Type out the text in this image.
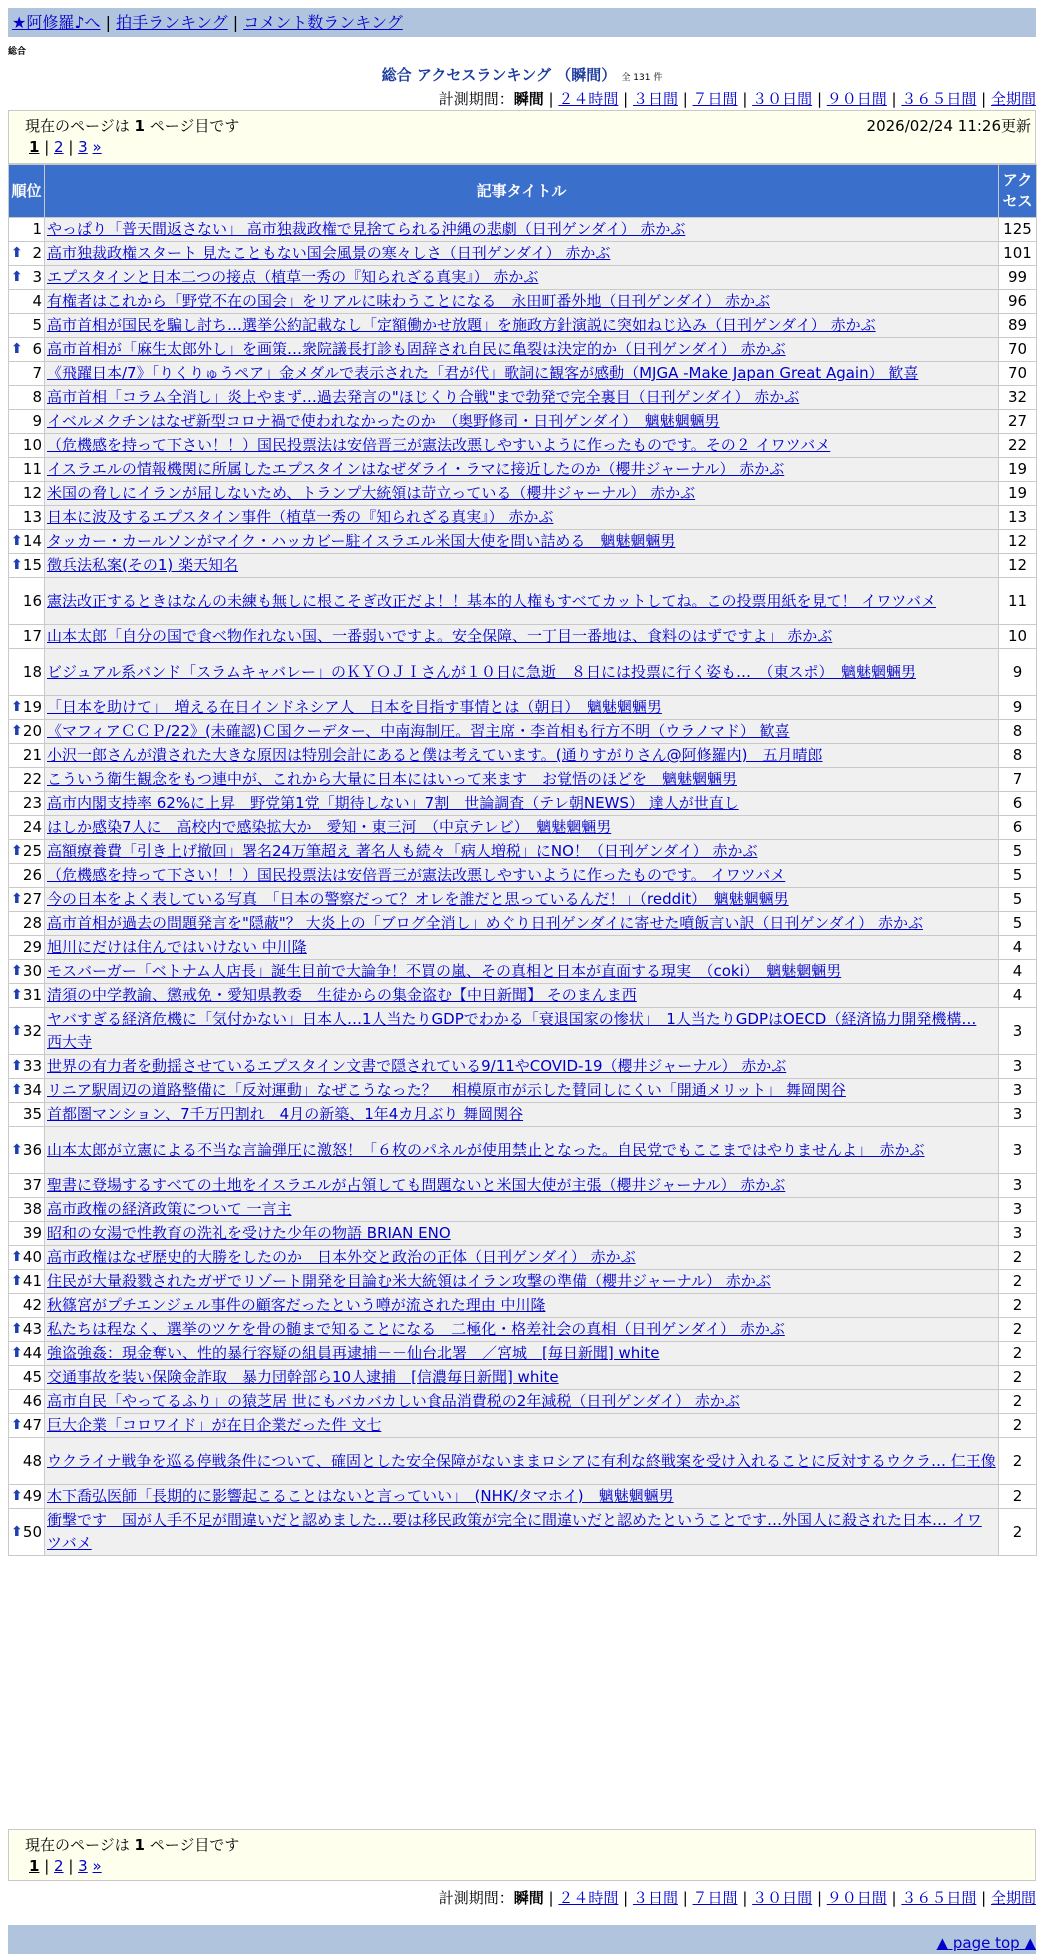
★阿修羅♪へ | 拍手ランキング | コメント数ランキング
総合
総合 アクセスランキング （瞬間） 全 131 件
計測期間：瞬間 | ２４時間 | ３日間 | ７日間 | ３０日間 | ９０日間 | ３６５日間 | 全期間
現在のページは 1 ページ目です	2026/02/24 11:26更新
1 | 2 | 3 »
順位	記事タイトル	アクセス
1	やっぱり「普天間返さない」 高市独裁政権で見捨てられる沖縄の悲劇（日刊ゲンダイ） 赤かぶ	125

⬆ 2	高市独裁政権スタート 見たこともない国会風景の寒々しさ（日刊ゲンダイ） 赤かぶ	101

⬆ 3	エプスタインと日本二つの接点（植草一秀の『知られざる真実』） 赤かぶ	99
4	有権者はこれから「野党不在の国会」をリアルに味わうことになる　永田町番外地（日刊ゲンダイ） 赤かぶ	96
5	高市首相が国民を騙し討ち…選挙公約記載なし「定額働かせ放題」を施政方針演説に突如ねじ込み（日刊ゲンダイ） 赤かぶ	89

⬆ 6	高市首相が「麻生太郎外し」を画策…衆院議長打診も固辞され自民に亀裂は決定的か（日刊ゲンダイ） 赤かぶ	70
7	《飛躍日本/7》「りくりゅうペア」金メダルで表示された「君が代」歌詞に観客が感動（MJGA -Make Japan Great Again） 歓喜	70
8	高市首相「コラム全消し」炎上やまず…過去発言の"ほじくり合戦"まで勃発で完全裏目（日刊ゲンダイ） 赤かぶ	32
9	イベルメクチンはなぜ新型コロナ禍で使われなかったのか　（奥野修司・日刊ゲンダイ）　魑魅魍魎男	27
10	（危機感を持って下さい！！）国民投票法は安倍晋三が憲法改悪しやすいように作ったものです。その２ イワツバメ	22
11	イスラエルの情報機関に所属したエプスタインはなぜダライ・ラマに接近したのか（櫻井ジャーナル） 赤かぶ	19
12	米国の脅しにイランが屈しないため、トランプ大統領は苛立っている（櫻井ジャーナル） 赤かぶ	19
13	日本に波及するエプスタイン事件（植草一秀の『知られざる真実』） 赤かぶ	13

⬆ 14	タッカー・カールソンがマイク・ハッカビー駐イスラエル米国大使を問い詰める　魑魅魍魎男	12

⬆ 15	徴兵法私案(その1) 楽天知名	12
16	憲法改正するときはなんの未練も無しに根こそぎ改正だよ！！基本的人権もすべてカットしてね。この投票用紙を見て！ イワツバメ	11
17	山本太郎「自分の国で食べ物作れない国、一番弱いですよ。安全保障、一丁目一番地は、食料のはずですよ」 赤かぶ	10
18	ビジュアル系バンド「スラムキャバレー」のＫＹＯＪＩさんが１０日に急逝　８日には投票に行く姿も…　（東スポ）　魑魅魍魎男	9

⬆ 19	「日本を助けて」　増える在日インドネシア人　日本を目指す事情とは（朝日）　魑魅魍魎男	9

⬆ 20	《マフィアＣＣＰ/22》(未確認)Ｃ国クーデター、中南海制圧。習主席・李首相も行方不明（ウラノマド） 歓喜	8
21	小沢一郎さんが潰された大きな原因は特別会計にあると僕は考えています。(通りすがりさん@阿修羅内)　五月晴郎	8
22	こういう衛生観念をもつ連中が、これから大量に日本にはいって来ます　お覚悟のほどを　魑魅魍魎男	7
23	高市内閣支持率 62%に上昇　野党第1党「期待しない」7割　世論調査（テレ朝NEWS） 達人が世直し	6
24	はしか感染7人に　高校内で感染拡大か　愛知・東三河　（中京テレビ）　魑魅魍魎男	6

⬆ 25	高額療養費「引き上げ撤回」署名24万筆超え 著名人も続々「病人増税」にNO！（日刊ゲンダイ） 赤かぶ	5
26	（危機感を持って下さい！！）国民投票法は安倍晋三が憲法改悪しやすいように作ったものです。 イワツバメ	5

⬆ 27	今の日本をよく表している写真　「日本の警察だって？オレを誰だと思っているんだ！」（reddit）　魑魅魍魎男	5
28	高市首相が過去の問題発言を"隠蔽"？ 大炎上の「ブログ全消し」めぐり日刊ゲンダイに寄せた噴飯言い訳（日刊ゲンダイ） 赤かぶ	5
29	旭川にだけは住んではいけない 中川隆	4

⬆ 30	モスバーガー「ベトナム人店長」誕生目前で大論争！不買の嵐、その真相と日本が直面する現実　（coki）　魑魅魍魎男	4

⬆ 31	清須の中学教諭、懲戒免・愛知県教委　生徒からの集金盗む【中日新聞】 そのまんま西	4

⬆ 32	ヤバすぎる経済危機に「気付かない」日本人…1人当たりGDPでわかる「衰退国家の惨状」　1人当たりGDPはOECD（経済協力開発機構… 西大寺	3

⬆ 33	世界の有力者を動揺させているエプスタイン文書で隠されている9/11やCOVID-19（櫻井ジャーナル） 赤かぶ	3

⬆ 34	リニア駅周辺の道路整備に「反対運動」なぜこうなった？　相模原市が示した賛同しにくい「開通メリット」 舞岡関谷	3
35	首都圏マンション、7千万円割れ　4月の新築、1年4カ月ぶり 舞岡関谷	3

⬆ 36	山本太郎が立憲による不当な言論弾圧に激怒！「６枚のパネルが使用禁止となった。自民党でもここまではやりませんよ」　赤かぶ	3
37	聖書に登場するすべての土地をイスラエルが占領しても問題ないと米国大使が主張（櫻井ジャーナル） 赤かぶ	3
38	高市政権の経済政策について 一言主	3
39	昭和の女湯で性教育の洗礼を受けた少年の物語 BRIAN ENO	3

⬆ 40	高市政権はなぜ歴史的大勝をしたのか　日本外交と政治の正体（日刊ゲンダイ） 赤かぶ	2

⬆ 41	住民が大量殺戮されたガザでリゾート開発を目論む米大統領はイラン攻撃の準備（櫻井ジャーナル） 赤かぶ	2
42	秋篠宮がプチエンジェル事件の顧客だったという噂が流された理由 中川隆	2

⬆ 43	私たちは程なく、選挙のツケを骨の髄まで知ることになる　二極化・格差社会の真相（日刊ゲンダイ） 赤かぶ	2

⬆ 44	強盗強姦：現金奪い、性的暴行容疑の組員再逮捕－－仙台北署　／宮城　[毎日新聞] white	2
45	交通事故を装い保険金詐取　暴力団幹部ら10人逮捕　[信濃毎日新聞] white	2
46	高市自民「やってるふり」の猿芝居 世にもバカバカしい食品消費税の2年減税（日刊ゲンダイ） 赤かぶ	2

⬆ 47	巨大企業「コロワイド」が在日企業だった件 文七	2
48	ウクライナ戦争を巡る停戦条件について、確固とした安全保障がないままロシアに有利な終戦案を受け入れることに反対するウクラ… 仁王像	2

⬆ 49	木下喬弘医師「長期的に影響起こることはないと言っていい」　(NHK/タマホイ)　魑魅魍魎男	2

⬆ 50	衝撃です　国が人手不足が間違いだと認めました…要は移民政策が完全に間違いだと認めたということです…外国人に殺された日本… イワツバメ	2
現在のページは 1 ページ目です
1 | 2 | 3 »
計測期間：瞬間 | ２４時間 | ３日間 | ７日間 | ３０日間 | ９０日間 | ３６５日間 | 全期間
▲ page top ▲
